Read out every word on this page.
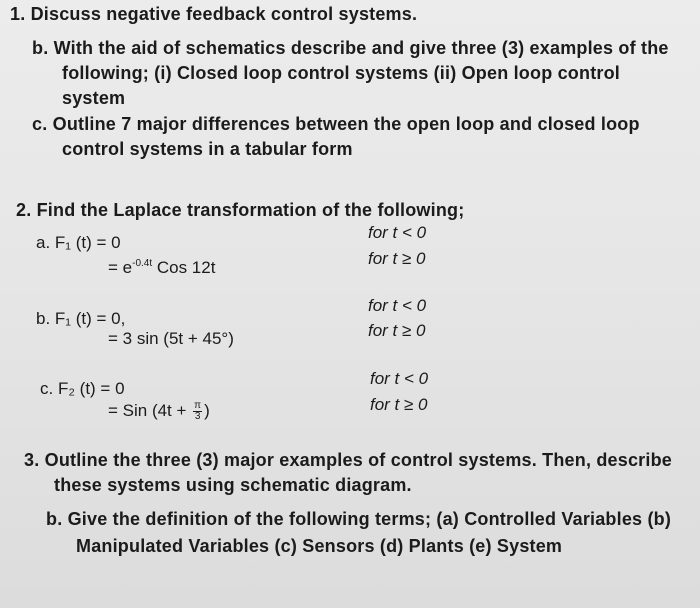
1. Discuss negative feedback control systems.
b. With the aid of schematics describe and give three (3) examples of the following; (i) Closed loop control systems (ii) Open loop control system
c. Outline 7 major differences between the open loop and closed loop control systems in a tabular form
2. Find the Laplace transformation of the following;
a. F₁ (t) = 0
= $e^{-0.4t}$ Cos 12t
for t < 0
for t ≥ 0
b. F₁ (t) = 0,
= 3 sin (5t + 45°)
for t < 0
for t ≥ 0
c. F₂ (t) = 0
= Sin ($4t + \frac{\pi}{3}$ )
for t < 0
for t ≥ 0
3. Outline the three (3) major examples of control systems. Then, describe these systems using schematic diagram.
b. Give the definition of the following terms; (a) Controlled Variables (b) Manipulated Variables (c) Sensors (d) Plants (e) System
